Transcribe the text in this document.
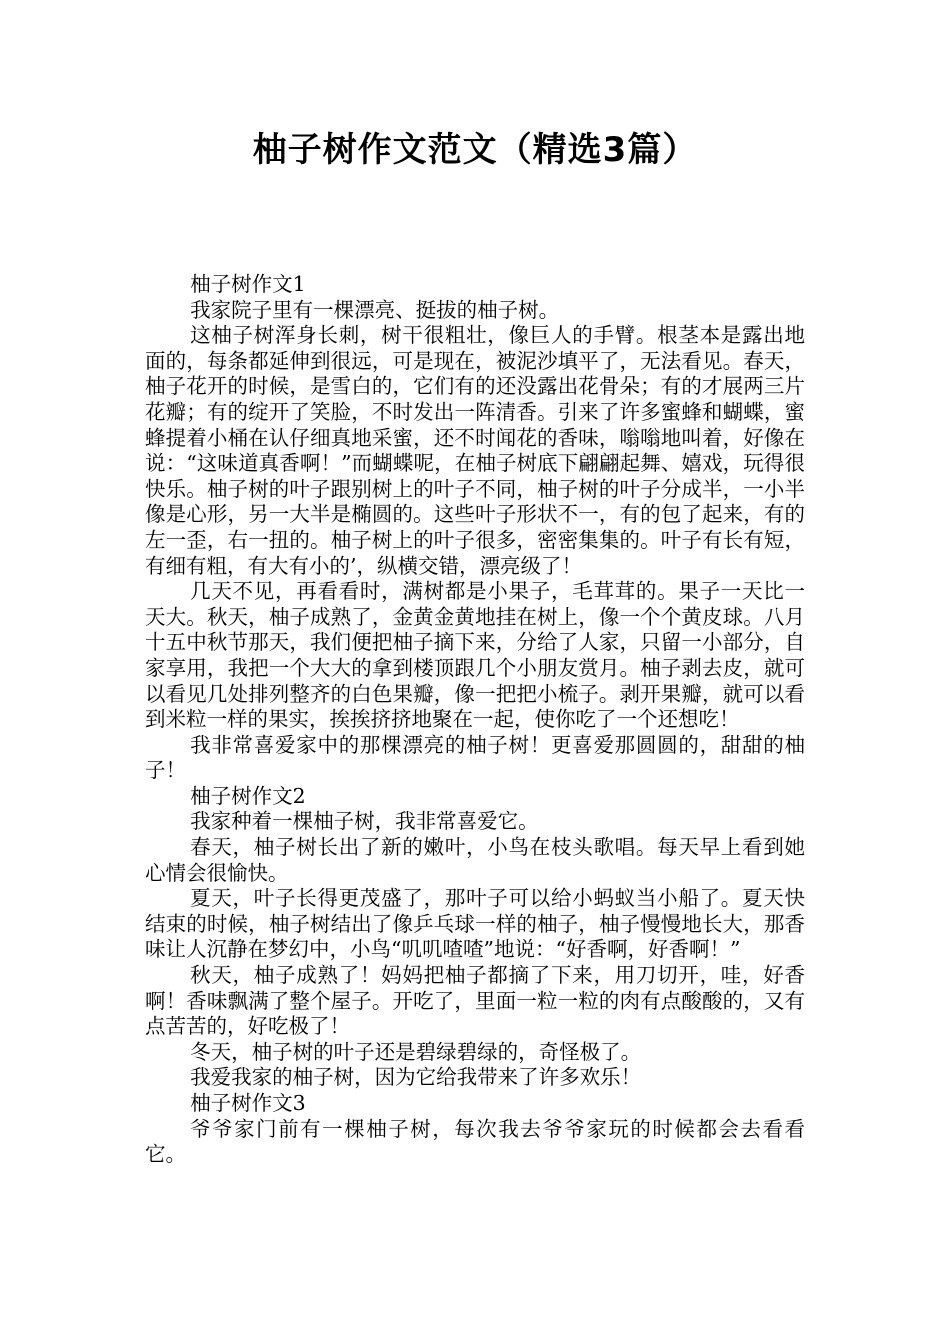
柚子树作文范文（精选3篇）

柚子树作文1

我家院子里有一棵漂亮、挺拔的柚子树。

这柚子树浑身长刺，树干很粗壮，像巨人的手臂。根茎本是露出地面的，每条都延伸到很远，可是现在，被泥沙填平了，无法看见。春天，柚子花开的时候，是雪白的，它们有的还没露出花骨朵；有的才展两三片花瓣；有的绽开了笑脸，不时发出一阵清香。引来了许多蜜蜂和蝴蝶，蜜蜂提着小桶在认仔细真地采蜜，还不时闻花的香味，嗡嗡地叫着，好像在说：“这味道真香啊！”而蝴蝶呢，在柚子树底下翩翩起舞、嬉戏，玩得很快乐。柚子树的叶子跟别树上的叶子不同，柚子树的叶子分成半，一小半像是心形，另一大半是椭圆的。这些叶子形状不一，有的包了起来，有的左一歪，右一扭的。柚子树上的叶子很多，密密集集的。叶子有长有短，有细有粗，有大有小的’，纵横交错，漂亮级了！

几天不见，再看看时，满树都是小果子，毛茸茸的。果子一天比一天大。秋天，柚子成熟了，金黄金黄地挂在树上，像一个个黄皮球。八月十五中秋节那天，我们便把柚子摘下来，分给了人家，只留一小部分，自家享用，我把一个大大的拿到楼顶跟几个小朋友赏月。柚子剥去皮，就可以看见几处排列整齐的白色果瓣，像一把把小梳子。剥开果瓣，就可以看到米粒一样的果实，挨挨挤挤地聚在一起，使你吃了一个还想吃！

我非常喜爱家中的那棵漂亮的柚子树！更喜爱那圆圆的，甜甜的柚子！

柚子树作文2

我家种着一棵柚子树，我非常喜爱它。

春天，柚子树长出了新的嫩叶，小鸟在枝头歌唱。每天早上看到她心情会很愉快。

夏天，叶子长得更茂盛了，那叶子可以给小蚂蚁当小船了。夏天快结束的时候，柚子树结出了像乒乓球一样的柚子，柚子慢慢地长大，那香味让人沉静在梦幻中，小鸟“叽叽喳喳”地说：“好香啊，好香啊！”

秋天，柚子成熟了！妈妈把柚子都摘了下来，用刀切开，哇，好香啊！香味飘满了整个屋子。开吃了，里面一粒一粒的肉有点酸酸的，又有点苦苦的，好吃极了！

冬天，柚子树的叶子还是碧绿碧绿的，奇怪极了。

我爱我家的柚子树，因为它给我带来了许多欢乐！

柚子树作文3

爷爷家门前有一棵柚子树，每次我去爷爷家玩的时候都会去看看它。
